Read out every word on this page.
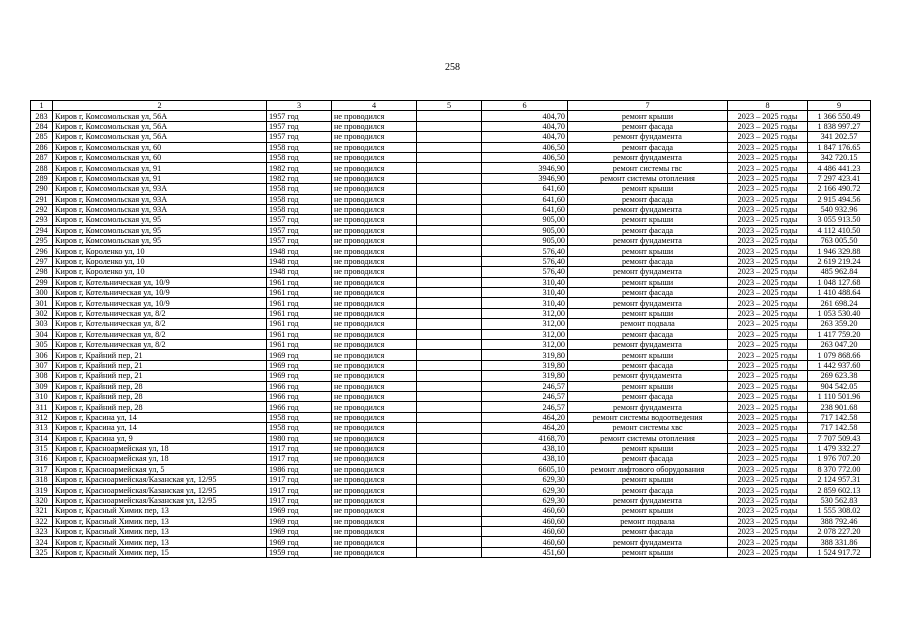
258
1	2	3	4	5	6	7	8	9
283	Киров г, Комсомольская ул, 56А	1957 год	не проводился		404,70	ремонт крыши	2023 – 2025 годы	1 366 550.49
284	Киров г, Комсомольская ул, 56А	1957 год	не проводился		404,70	ремонт фасада	2023 – 2025 годы	1 838 997.27
285	Киров г, Комсомольская ул, 56А	1957 год	не проводился		404,70	ремонт фундамента	2023 – 2025 годы	341 202.57
286	Киров г, Комсомольская ул, 60	1958 год	не проводился		406,50	ремонт фасада	2023 – 2025 годы	1 847 176.65
287	Киров г, Комсомольская ул, 60	1958 год	не проводился		406,50	ремонт фундамента	2023 – 2025 годы	342 720.15
288	Киров г, Комсомольская ул, 91	1982 год	не проводился		3946,90	ремонт системы гвс	2023 – 2025 годы	4 486 441.23
289	Киров г, Комсомольская ул, 91	1982 год	не проводился		3946,90	ремонт системы отопления	2023 – 2025 годы	7 297 423.41
290	Киров г, Комсомольская ул, 93А	1958 год	не проводился		641,60	ремонт крыши	2023 – 2025 годы	2 166 490.72
291	Киров г, Комсомольская ул, 93А	1958 год	не проводился		641,60	ремонт фасада	2023 – 2025 годы	2 915 494.56
292	Киров г, Комсомольская ул, 93А	1958 год	не проводился		641,60	ремонт фундамента	2023 – 2025 годы	540 932.96
293	Киров г, Комсомольская ул, 95	1957 год	не проводился		905,00	ремонт крыши	2023 – 2025 годы	3 055 913.50
294	Киров г, Комсомольская ул, 95	1957 год	не проводился		905,00	ремонт фасада	2023 – 2025 годы	4 112 410.50
295	Киров г, Комсомольская ул, 95	1957 год	не проводился		905,00	ремонт фундамента	2023 – 2025 годы	763 005.50
296	Киров г, Короленко ул, 10	1948 год	не проводился		576,40	ремонт крыши	2023 – 2025 годы	1 946 329.88
297	Киров г, Короленко ул, 10	1948 год	не проводился		576,40	ремонт фасада	2023 – 2025 годы	2 619 219.24
298	Киров г, Короленко ул, 10	1948 год	не проводился		576,40	ремонт фундамента	2023 – 2025 годы	485 962.84
299	Киров г, Котельническая ул, 10/9	1961 год	не проводился		310,40	ремонт крыши	2023 – 2025 годы	1 048 127.68
300	Киров г, Котельническая ул, 10/9	1961 год	не проводился		310,40	ремонт фасада	2023 – 2025 годы	1 410 488.64
301	Киров г, Котельническая ул, 10/9	1961 год	не проводился		310,40	ремонт фундамента	2023 – 2025 годы	261 698.24
302	Киров г, Котельническая ул, 8/2	1961 год	не проводился		312,00	ремонт крыши	2023 – 2025 годы	1 053 530.40
303	Киров г, Котельническая ул, 8/2	1961 год	не проводился		312,00	ремонт подвала	2023 – 2025 годы	263 359.20
304	Киров г, Котельническая ул, 8/2	1961 год	не проводился		312,00	ремонт фасада	2023 – 2025 годы	1 417 759.20
305	Киров г, Котельническая ул, 8/2	1961 год	не проводился		312,00	ремонт фундамента	2023 – 2025 годы	263 047.20
306	Киров г, Крайний пер, 21	1969 год	не проводился		319,80	ремонт крыши	2023 – 2025 годы	1 079 868.66
307	Киров г, Крайний пер, 21	1969 год	не проводился		319,80	ремонт фасада	2023 – 2025 годы	1 442 937.60
308	Киров г, Крайний пер, 21	1969 год	не проводился		319,80	ремонт фундамента	2023 – 2025 годы	269 623.38
309	Киров г, Крайний пер, 28	1966 год	не проводился		246,57	ремонт крыши	2023 – 2025 годы	904 542.05
310	Киров г, Крайний пер, 28	1966 год	не проводился		246,57	ремонт фасада	2023 – 2025 годы	1 110 501.96
311	Киров г, Крайний пер, 28	1966 год	не проводился		246,57	ремонт фундамента	2023 – 2025 годы	238 901.68
312	Киров г, Красина ул, 14	1958 год	не проводился		464,20	ремонт системы водоотведения	2023 – 2025 годы	717 142.58
313	Киров г, Красина ул, 14	1958 год	не проводился		464,20	ремонт системы хвс	2023 – 2025 годы	717 142.58
314	Киров г, Красина ул, 9	1980 год	не проводился		4168,70	ремонт системы отопления	2023 – 2025 годы	7 707 509.43
315	Киров г, Красноармейская ул, 18	1917 год	не проводился		438,10	ремонт крыши	2023 – 2025 годы	1 479 332.27
316	Киров г, Красноармейская ул, 18	1917 год	не проводился		438,10	ремонт фасада	2023 – 2025 годы	1 976 707.20
317	Киров г, Красноармейская ул, 5	1986 год	не проводился		6605,10	ремонт лифтового оборудования	2023 – 2025 годы	8 370 772.00
318	Киров г, Красноармейская/Казанская ул, 12/95	1917 год	не проводился		629,30	ремонт крыши	2023 – 2025 годы	2 124 957.31
319	Киров г, Красноармейская/Казанская ул, 12/95	1917 год	не проводился		629,30	ремонт фасада	2023 – 2025 годы	2 859 602.13
320	Киров г, Красноармейская/Казанская ул, 12/95	1917 год	не проводился		629,30	ремонт фундамента	2023 – 2025 годы	530 562.83
321	Киров г, Красный Химик пер, 13	1969 год	не проводился		460,60	ремонт крыши	2023 – 2025 годы	1 555 308.02
322	Киров г, Красный Химик пер, 13	1969 год	не проводился		460,60	ремонт подвала	2023 – 2025 годы	388 792.46
323	Киров г, Красный Химик пер, 13	1969 год	не проводился		460,60	ремонт фасада	2023 – 2025 годы	2 078 227.20
324	Киров г, Красный Химик пер, 13	1969 год	не проводился		460,60	ремонт фундамента	2023 – 2025 годы	388 331.86
325	Киров г, Красный Химик пер, 15	1959 год	не проводился		451,60	ремонт крыши	2023 – 2025 годы	1 524 917.72
